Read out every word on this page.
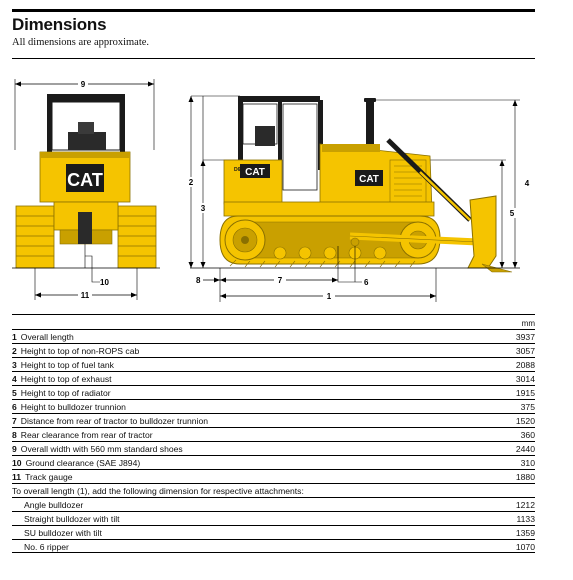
Dimensions
All dimensions are approximate.
9
CAT
10
11
2
3
4
5
CAT
D6G
CAT
6
8	7
1
mm
1 Overall length	3937
2 Height to top of non-ROPS cab	3057
3 Height to top of fuel tank	2088
4 Height to top of exhaust	3014
5 Height to top of radiator	1915
6 Height to bulldozer trunnion	375
7 Distance from rear of tractor to bulldozer trunnion	1520
8 Rear clearance from rear of tractor	360
9 Overall width with 560 mm standard shoes	2440
10 Ground clearance (SAE J894)	310
11 Track gauge	1880
To overall length (1), add the following dimension for respective attachments:
Angle bulldozer	1212
Straight bulldozer with tilt	1133
SU bulldozer with tilt	1359
No. 6 ripper	1070
